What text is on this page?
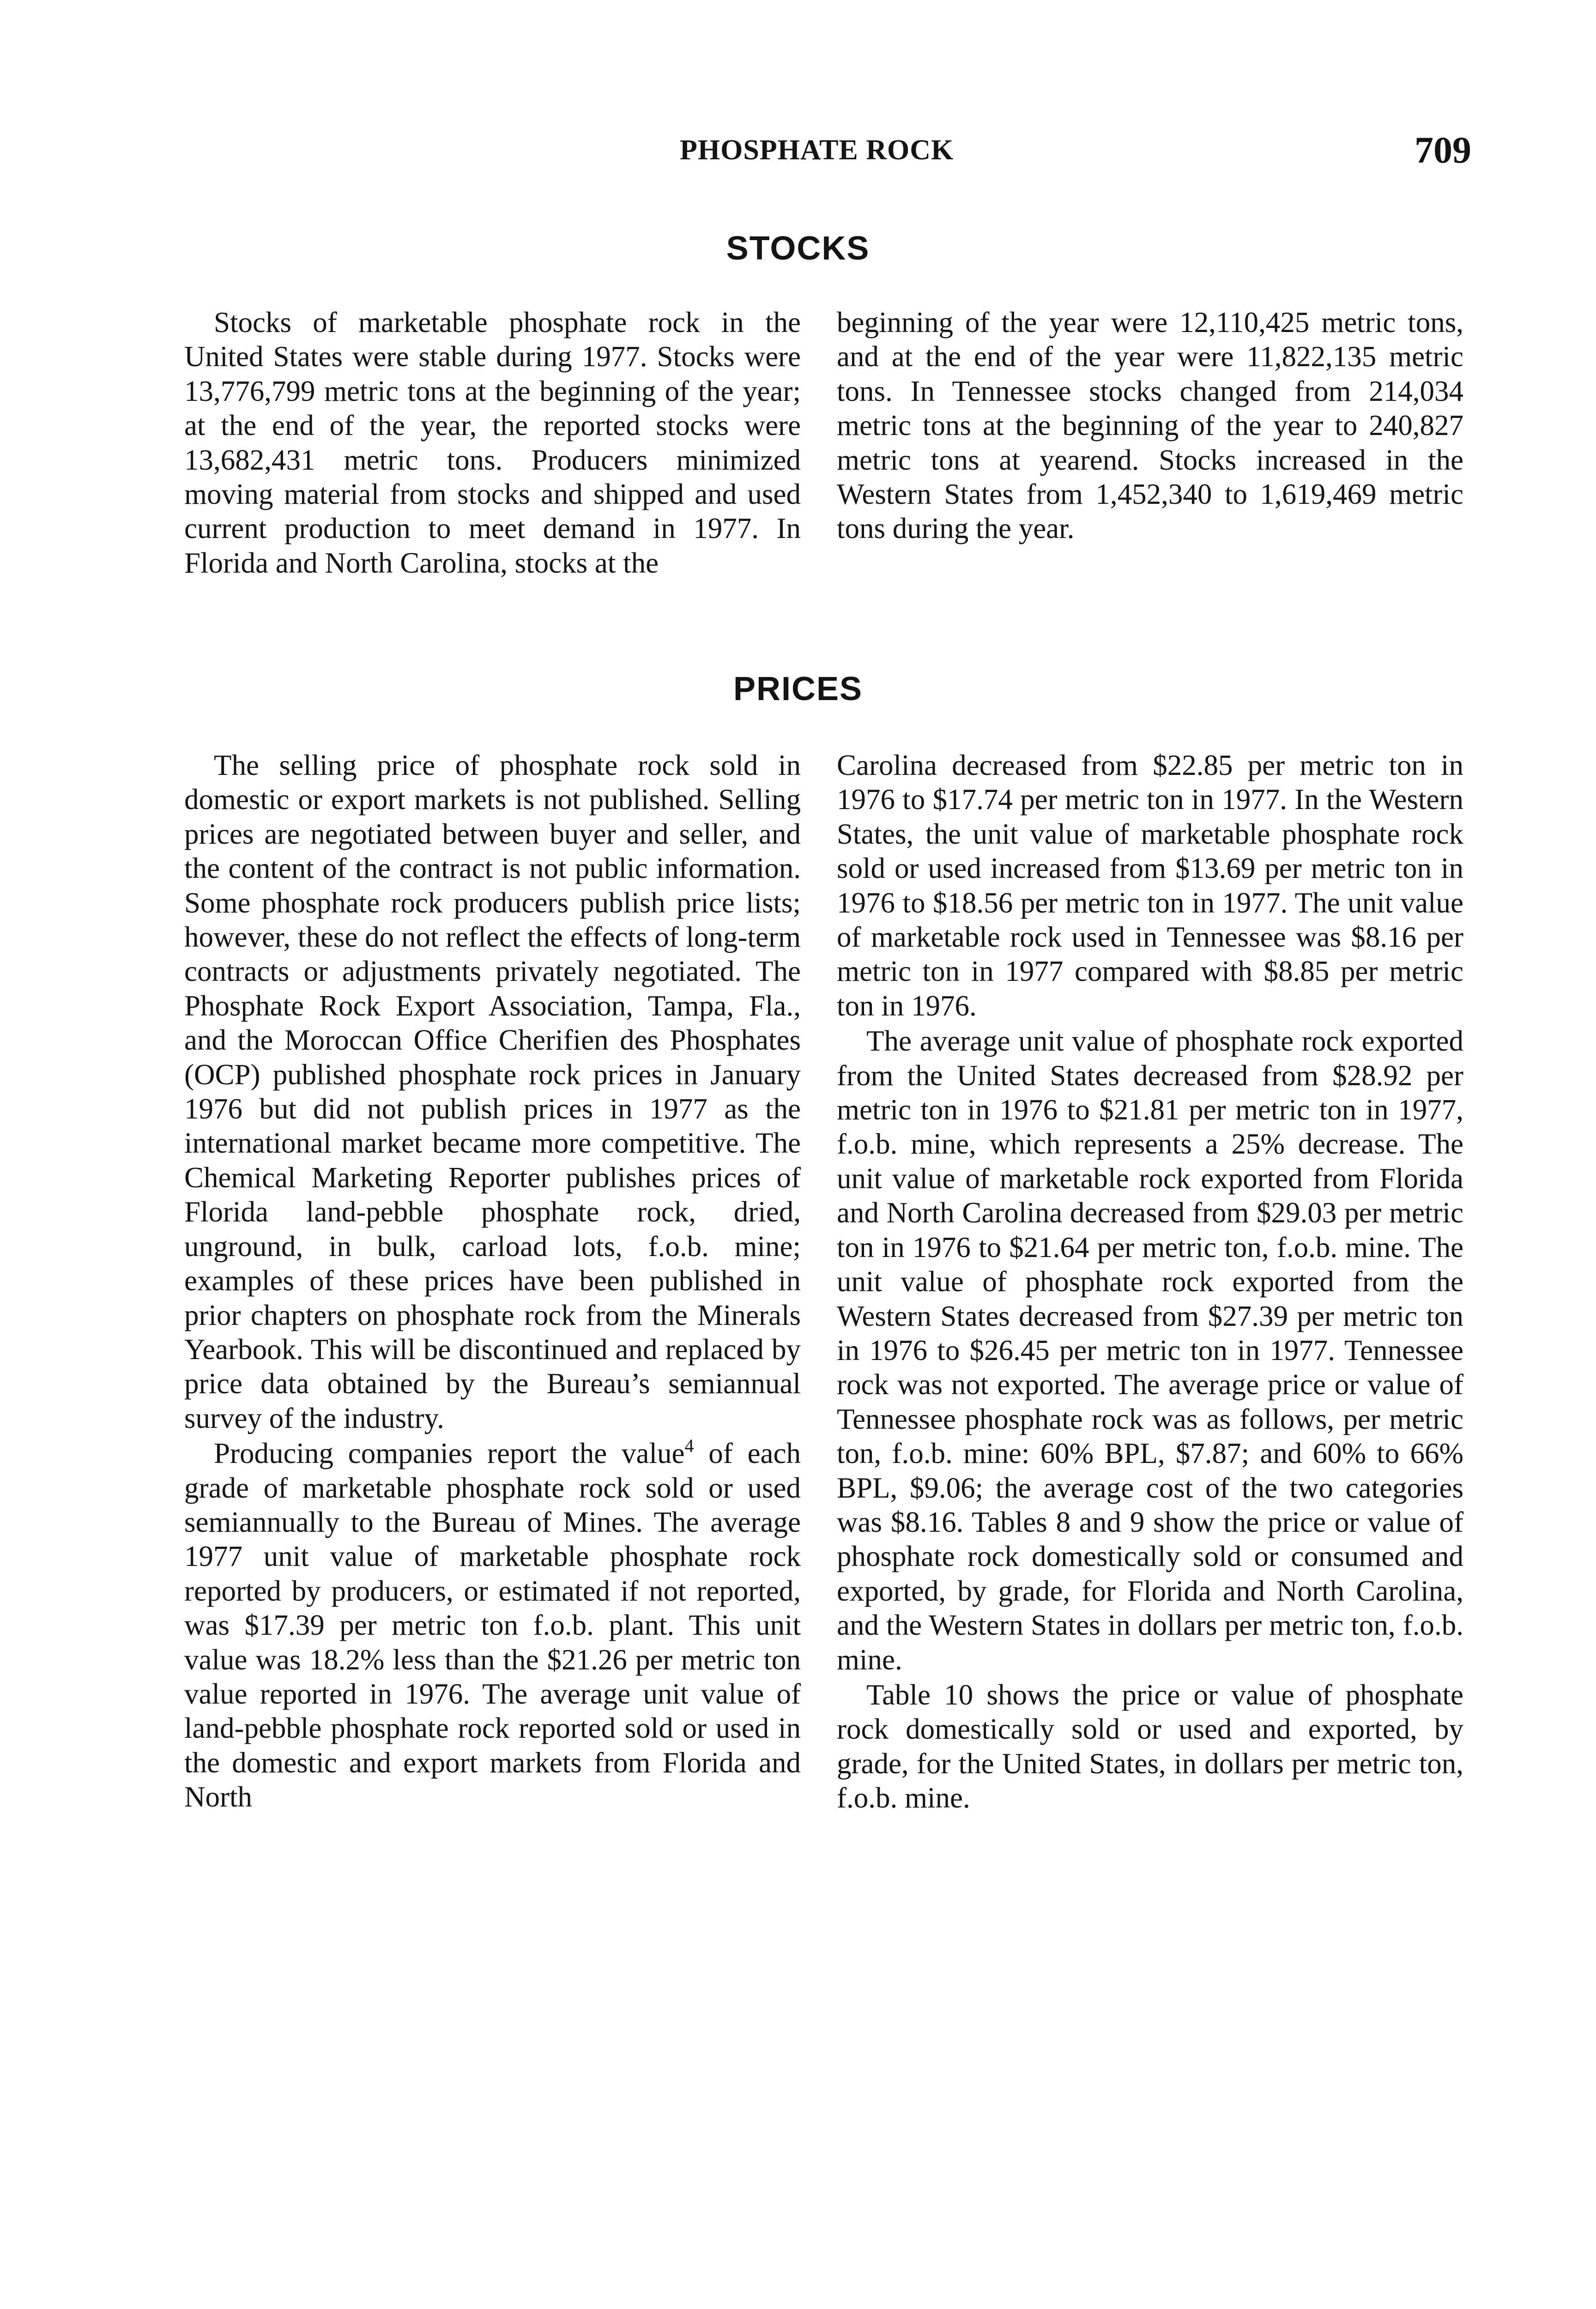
PHOSPHATE ROCK	709
STOCKS

Stocks of marketable phosphate rock in the United States were stable during 1977. Stocks were 13,776,799 metric tons at the beginning of the year; at the end of the year, the reported stocks were 13,682,431 metric tons. Producers minimized moving material from stocks and shipped and used current production to meet demand in 1977. In Florida and North Carolina, stocks at the

beginning of the year were 12,110,425 metric tons, and at the end of the year were 11,822,135 metric tons. In Tennessee stocks changed from 214,034 metric tons at the beginning of the year to 240,827 metric tons at yearend. Stocks increased in the Western States from 1,452,340 to 1,619,469 metric tons during the year.

PRICES

The selling price of phosphate rock sold in domestic or export markets is not published. Selling prices are negotiated between buyer and seller, and the content of the contract is not public information. Some phosphate rock producers publish price lists; however, these do not reflect the effects of long-term contracts or adjustments privately negotiated. The Phosphate Rock Export Association, Tampa, Fla., and the Moroccan Office Cherifien des Phosphates (OCP) published phosphate rock prices in January 1976 but did not publish prices in 1977 as the international market became more competitive. The Chemical Marketing Reporter publishes prices of Florida land-pebble phosphate rock, dried, unground, in bulk, carload lots, f.o.b. mine; examples of these prices have been published in prior chapters on phosphate rock from the Minerals Yearbook. This will be discontinued and replaced by price data obtained by the Bureau’s semiannual survey of the industry.

Producing companies report the value$^4$ of each grade of marketable phosphate rock sold or used semiannually to the Bureau of Mines. The average 1977 unit value of marketable phosphate rock reported by producers, or estimated if not reported, was $17.39 per metric ton f.o.b. plant. This unit value was 18.2% less than the $21.26 per metric ton value reported in 1976. The average unit value of land-pebble phosphate rock reported sold or used in the domestic and export markets from Florida and North

Carolina decreased from $22.85 per metric ton in 1976 to $17.74 per metric ton in 1977. In the Western States, the unit value of marketable phosphate rock sold or used increased from $13.69 per metric ton in 1976 to $18.56 per metric ton in 1977. The unit value of marketable rock used in Tennessee was $8.16 per metric ton in 1977 compared with $8.85 per metric ton in 1976.

The average unit value of phosphate rock exported from the United States decreased from $28.92 per metric ton in 1976 to $21.81 per metric ton in 1977, f.o.b. mine, which represents a 25% decrease. The unit value of marketable rock exported from Florida and North Carolina decreased from $29.03 per metric ton in 1976 to $21.64 per metric ton, f.o.b. mine. The unit value of phosphate rock exported from the Western States decreased from $27.39 per metric ton in 1976 to $26.45 per metric ton in 1977. Tennessee rock was not exported. The average price or value of Tennessee phosphate rock was as follows, per metric ton, f.o.b. mine: 60% BPL, $7.87; and 60% to 66% BPL, $9.06; the average cost of the two categories was $8.16. Tables 8 and 9 show the price or value of phosphate rock domestically sold or consumed and exported, by grade, for Florida and North Carolina, and the Western States in dollars per metric ton, f.o.b. mine.

Table 10 shows the price or value of phosphate rock domestically sold or used and exported, by grade, for the United States, in dollars per metric ton, f.o.b. mine.
